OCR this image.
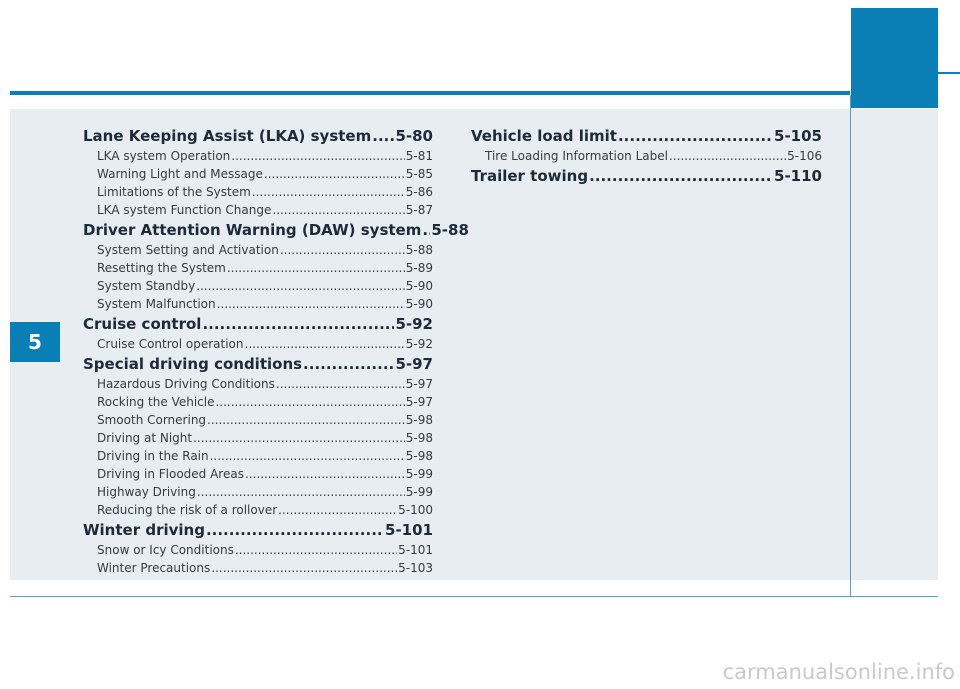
5
Lane Keeping Assist (LKA) system ..... 5-80
LKA system Operation .....	5-81
Warning Light and Message .....	5-85
Limitations of the System .....	5-86
LKA system Function Change .....	5-87
Driver Attention Warning (DAW) system ..... 5-88
System Setting and Activation .....	5-88
Resetting the System .....	5-89
System Standby .....	5-90
System Malfunction .....	5-90
Cruise control .....	5-92
Cruise Control operation .....	5-92
Special driving conditions .....	5-97
Hazardous Driving Conditions .....	5-97
Rocking the Vehicle .....	5-97
Smooth Cornering .....	5-98
Driving at Night .....	5-98
Driving in the Rain .....	5-98
Driving in Flooded Areas .....	5-99
Highway Driving .....	5-99
Reducing the risk of a rollover .....	5-100
Winter driving .....	5-101
Snow or Icy Conditions .....	5-101
Winter Precautions .....	5-103
Vehicle load limit .....	5-105
Tire Loading Information Label .....	5-106
Trailer towing .....	5-110
carmanualsonline.info
